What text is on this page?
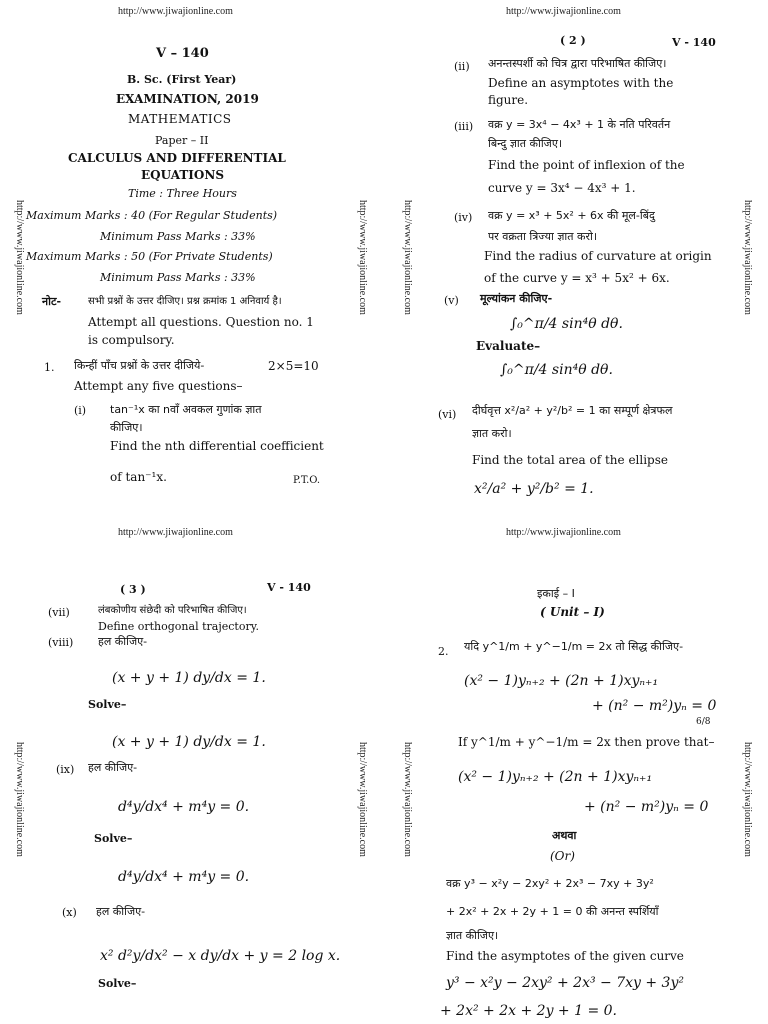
http://www.jiwajionline.com
http://www.jiwajionline.com	http://www.jiwajionline.com
V – 140
B. Sc. (First Year)
EXAMINATION, 2019
MATHEMATICS
Paper – II
CALCULUS AND DIFFERENTIAL
EQUATIONS
Time : Three Hours
Maximum Marks : 40 (For Regular Students)
Minimum Pass Marks : 33%
Maximum Marks : 50 (For Private Students)
Minimum Pass Marks : 33%
नोट-	सभी प्रश्नों के उत्तर दीजिए। प्रश्न क्रमांक 1 अनिवार्य है।
Attempt all questions. Question no. 1
is compulsory.
1. किन्हीं पाँच प्रश्नों के उत्तर दीजिये-	2×5=10
Attempt any five questions–
(i) tan⁻¹x का nवाँ अवकल गुणांक ज्ञात
कीजिए।
Find the nth differential coefficient
of tan⁻¹x.	P.T.O.
http://www.jiwajionline.com
http://www.jiwajionline.com	http://www.jiwajionline.com
( 2 )	V - 140
(ii) अनन्तस्पर्शी को चित्र द्वारा परिभाषित कीजिए।
Define an asymptotes with the
figure.
(iii) वक्र y = 3x⁴ − 4x³ + 1 के नति परिवर्तन
बिन्दु ज्ञात कीजिए।
Find the point of inflexion of the
curve y = 3x⁴ − 4x³ + 1.
(iv) वक्र y = x³ + 5x² + 6x की मूल-बिंदु
पर वक्रता त्रिज्या ज्ञात करो।
Find the radius of curvature at origin
of the curve y = x³ + 5x² + 6x.
(v) मूल्यांकन कीजिए-
∫₀^π/4 sin⁴θ dθ.
Evaluate–
∫₀^π/4 sin⁴θ dθ.
(vi) दीर्घवृत्त x²/a² + y²/b² = 1 का सम्पूर्ण क्षेत्रफल
ज्ञात करो।
Find the total area of the ellipse
x²/a² + y²/b² = 1.
http://www.jiwajionline.com
http://www.jiwajionline.com	http://www.jiwajionline.com
( 3 )	V - 140
(vii)	लंबकोणीय संछेदी को परिभाषित कीजिए।
Define orthogonal trajectory.
(viii) हल कीजिए-
(x + y + 1) dy/dx = 1.
Solve–
(x + y + 1) dy/dx = 1.
(ix) हल कीजिए-
d⁴y/dx⁴ + m⁴y = 0.
Solve–
d⁴y/dx⁴ + m⁴y = 0.
(x) हल कीजिए-
x² d²y/dx² − x dy/dx + y = 2 log x.
Solve–
http://www.jiwajionline.com
http://www.jiwajionline.com	http://www.jiwajionline.com
इकाई – I
( Unit – I)
2. यदि y^1/m + y^−1/m = 2x तो सिद्ध कीजिए-
(x² − 1)yₙ₊₂ + (2n + 1)xyₙ₊₁
+ (n² − m²)yₙ = 0
6/8
If y^1/m + y^−1/m = 2x then prove that–
(x² − 1)yₙ₊₂ + (2n + 1)xyₙ₊₁
+ (n² − m²)yₙ = 0
अथवा
(Or)
वक्र y³ − x²y − 2xy² + 2x³ − 7xy + 3y²
+ 2x² + 2x + 2y + 1 = 0 की अनन्त स्पर्शियाँ
ज्ञात कीजिए।
Find the asymptotes of the given curve
y³ − x²y − 2xy² + 2x³ − 7xy + 3y²
+ 2x² + 2x + 2y + 1 = 0.
